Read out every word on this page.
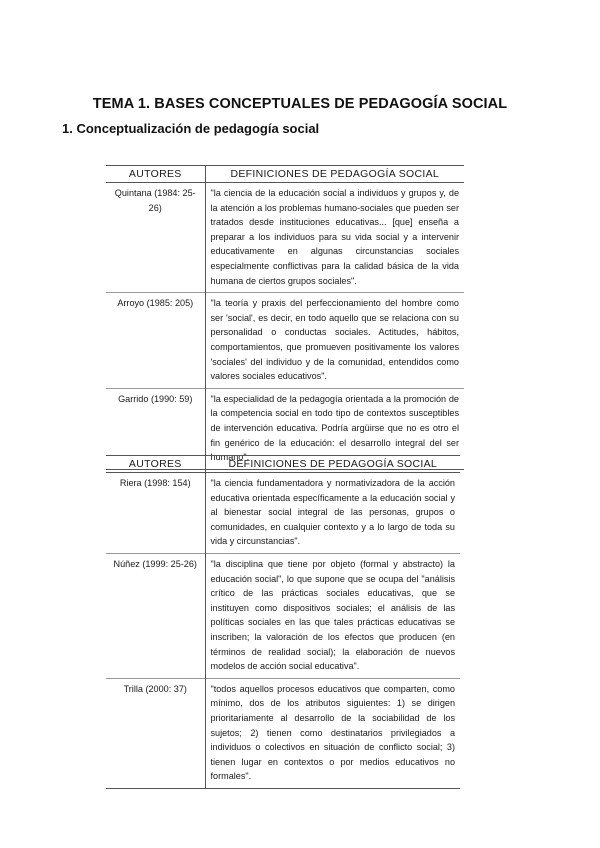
TEMA 1. BASES CONCEPTUALES DE PEDAGOGÍA SOCIAL
1. Conceptualización de pedagogía social
AUTORES	DEFINICIONES DE PEDAGOGÍA SOCIAL
Quintana (1984: 25-26)	"la ciencia de la educación social a individuos y grupos y, de la atención a los problemas humano-sociales que pueden ser tratados desde instituciones educativas... [que] enseña a preparar a los individuos para su vida social y a intervenir educativamente en algunas circunstancias sociales especialmente conflictivas para la calidad básica de la vida humana de ciertos grupos sociales".
Arroyo (1985: 205)	"la teoría y praxis del perfeccionamiento del hombre como ser 'social', es decir, en todo aquello que se relaciona con su personalidad o conductas sociales. Actitudes, hábitos, comportamientos, que promueven positivamente los valores 'sociales' del individuo y de la comunidad, entendidos como valores sociales educativos".
Garrido (1990: 59)	"la especialidad de la pedagogía orientada a la promoción de la competencia social en todo tipo de contextos susceptibles de intervención educativa. Podría argüirse que no es otro el fin genérico de la educación: el desarrollo integral del ser humano".
AUTORES	DEFINICIONES DE PEDAGOGÍA SOCIAL
Riera (1998: 154)	"la ciencia fundamentadora y normativizadora de la acción educativa orientada específicamente a la educación social y al bienestar social integral de las personas, grupos o comunidades, en cualquier contexto y a lo largo de toda su vida y circunstancias".
Núñez (1999: 25-26)	"la disciplina que tiene por objeto (formal y abstracto) la educación social", lo que supone que se ocupa del "análisis crítico de las prácticas sociales educativas, que se instituyen como dispositivos sociales; el análisis de las políticas sociales en las que tales prácticas educativas se inscriben; la valoración de los efectos que producen (en términos de realidad social); la elaboración de nuevos modelos de acción social educativa".
Trilla (2000: 37)	"todos aquellos procesos educativos que comparten, como mínimo, dos de los atributos siguientes: 1) se dirigen prioritariamente al desarrollo de la sociabilidad de los sujetos; 2) tienen como destinatarios privilegiados a individuos o colectivos en situación de conflicto social; 3) tienen lugar en contextos o por medios educativos no formales".
